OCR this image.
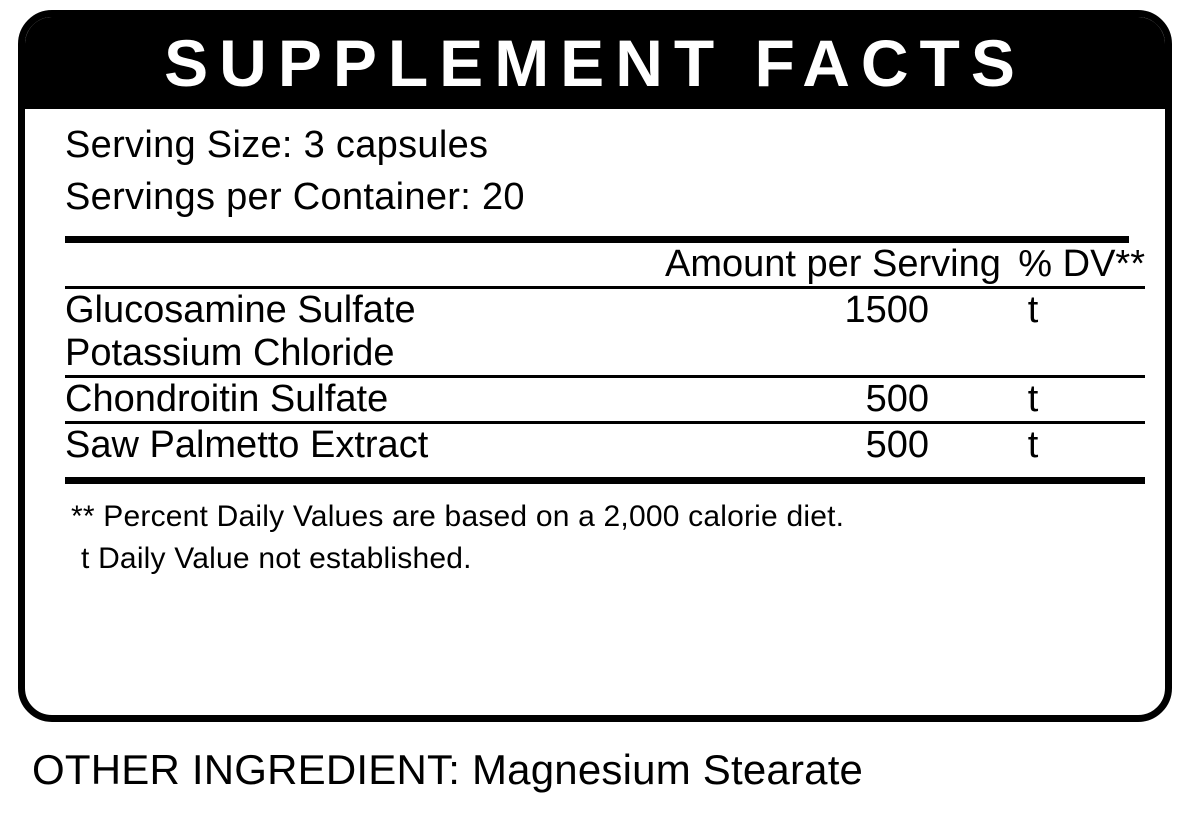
SUPPLEMENT FACTS
Serving Size: 3 capsules
Servings per Container: 20
	Amount per Serving	% DV**

Glucosamine Sulfate	1500	t
Potassium Chloride		

Chondroitin Sulfate	500	t

Saw Palmetto Extract	500	t

** Percent Daily Values are based on a 2,000 calorie diet.
t Daily Value not established.
OTHER INGREDIENT: Magnesium Stearate
